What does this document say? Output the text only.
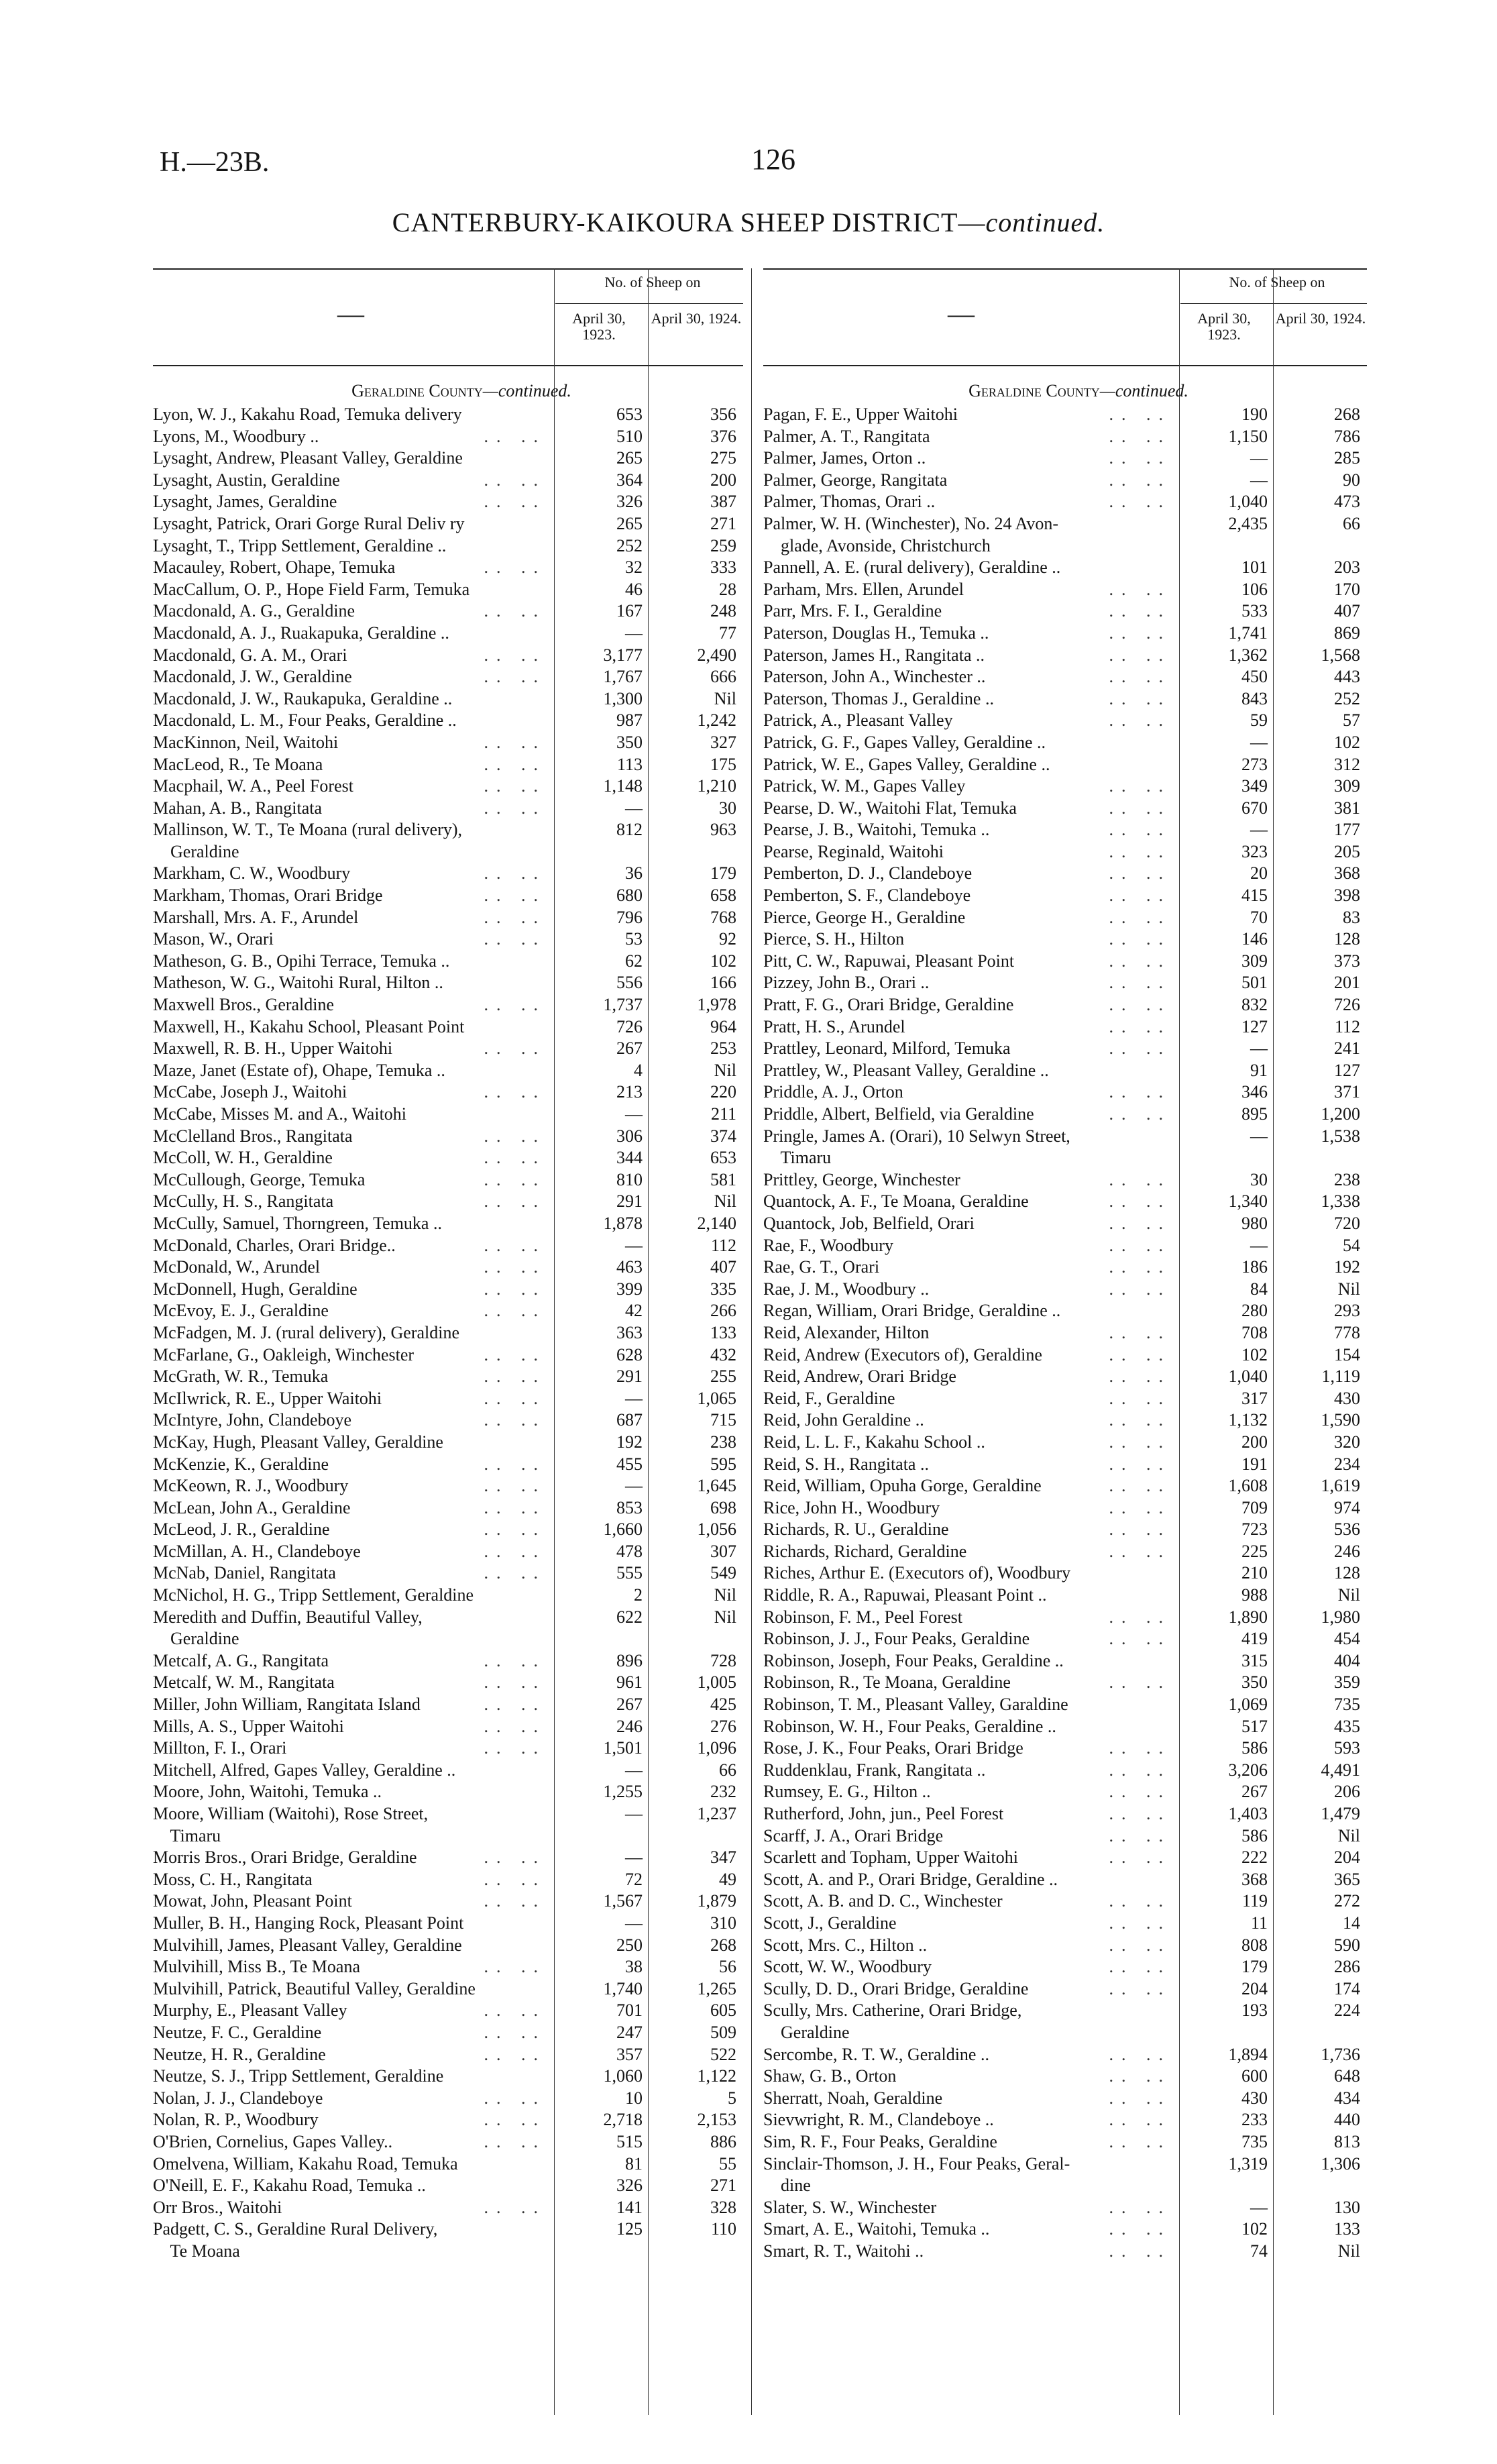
H.—23B.	126
CANTERBURY-KAIKOURA SHEEP DISTRICT—continued.
—
No. of Sheep on
April 30, 1923.
April 30, 1924.
Geraldine County—continued.
Lyon, W. J., Kakahu Road, Temuka delivery	653	356
Lyons, M., Woodbury ..	.. ..	510	376
Lysaght, Andrew, Pleasant Valley, Geraldine	265	275
Lysaght, Austin, Geraldine	.. ..	364	200
Lysaght, James, Geraldine	.. ..	326	387
Lysaght, Patrick, Orari Gorge Rural Deliv ry	265	271
Lysaght, T., Tripp Settlement, Geraldine ..	252	259
Macauley, Robert, Ohape, Temuka	.. ..	32	333
MacCallum, O. P., Hope Field Farm, Temuka	46	28
Macdonald, A. G., Geraldine	.. ..	167	248
Macdonald, A. J., Ruakapuka, Geraldine ..	—	77
Macdonald, G. A. M., Orari	.. ..	3,177	2,490
Macdonald, J. W., Geraldine	.. ..	1,767	666
Macdonald, J. W., Raukapuka, Geraldine ..	1,300	Nil
Macdonald, L. M., Four Peaks, Geraldine ..	987	1,242
MacKinnon, Neil, Waitohi	.. ..	350	327
MacLeod, R., Te Moana	.. ..	113	175
Macphail, W. A., Peel Forest	.. ..	1,148	1,210
Mahan, A. B., Rangitata	.. ..	—	30
Mallinson, W. T., Te Moana (rural delivery),	812	963
Geraldine
Markham, C. W., Woodbury	.. ..	36	179
Markham, Thomas, Orari Bridge	.. ..	680	658
Marshall, Mrs. A. F., Arundel	.. ..	796	768
Mason, W., Orari	.. ..	53	92
Matheson, G. B., Opihi Terrace, Temuka ..	62	102
Matheson, W. G., Waitohi Rural, Hilton ..	556	166
Maxwell Bros., Geraldine	.. ..	1,737	1,978
Maxwell, H., Kakahu School, Pleasant Point	726	964
Maxwell, R. B. H., Upper Waitohi	.. ..	267	253
Maze, Janet (Estate of), Ohape, Temuka ..	4	Nil
McCabe, Joseph J., Waitohi	.. ..	213	220
McCabe, Misses M. and A., Waitohi	—	211
McClelland Bros., Rangitata	.. ..	306	374
McColl, W. H., Geraldine	.. ..	344	653
McCullough, George, Temuka	.. ..	810	581
McCully, H. S., Rangitata	.. ..	291	Nil
McCully, Samuel, Thorngreen, Temuka ..	1,878	2,140
McDonald, Charles, Orari Bridge..	.. ..	—	112
McDonald, W., Arundel	.. ..	463	407
McDonnell, Hugh, Geraldine	.. ..	399	335
McEvoy, E. J., Geraldine	.. ..	42	266
McFadgen, M. J. (rural delivery), Geraldine	363	133
McFarlane, G., Oakleigh, Winchester	.. ..	628	432
McGrath, W. R., Temuka	.. ..	291	255
McIlwrick, R. E., Upper Waitohi	.. ..	—	1,065
McIntyre, John, Clandeboye	.. ..	687	715
McKay, Hugh, Pleasant Valley, Geraldine	192	238
McKenzie, K., Geraldine	.. ..	455	595
McKeown, R. J., Woodbury	.. ..	—	1,645
McLean, John A., Geraldine	.. ..	853	698
McLeod, J. R., Geraldine	.. ..	1,660	1,056
McMillan, A. H., Clandeboye	.. ..	478	307
McNab, Daniel, Rangitata	.. ..	555	549
McNichol, H. G., Tripp Settlement, Geraldine	2	Nil
Meredith and Duffin, Beautiful Valley,	622	Nil
Geraldine
Metcalf, A. G., Rangitata	.. ..	896	728
Metcalf, W. M., Rangitata	.. ..	961	1,005
Miller, John William, Rangitata Island	.. ..	267	425
Mills, A. S., Upper Waitohi	.. ..	246	276
Millton, F. I., Orari	.. ..	1,501	1,096
Mitchell, Alfred, Gapes Valley, Geraldine ..	—	66
Moore, John, Waitohi, Temuka ..	1,255	232
Moore, William (Waitohi), Rose Street,	—	1,237
Timaru
Morris Bros., Orari Bridge, Geraldine	.. ..	—	347
Moss, C. H., Rangitata	.. ..	72	49
Mowat, John, Pleasant Point	.. ..	1,567	1,879
Muller, B. H., Hanging Rock, Pleasant Point	—	310
Mulvihill, James, Pleasant Valley, Geraldine	250	268
Mulvihill, Miss B., Te Moana	.. ..	38	56
Mulvihill, Patrick, Beautiful Valley, Geraldine	1,740	1,265
Murphy, E., Pleasant Valley	.. ..	701	605
Neutze, F. C., Geraldine	.. ..	247	509
Neutze, H. R., Geraldine	.. ..	357	522
Neutze, S. J., Tripp Settlement, Geraldine	1,060	1,122
Nolan, J. J., Clandeboye	.. ..	10	5
Nolan, R. P., Woodbury	.. ..	2,718	2,153
O'Brien, Cornelius, Gapes Valley..	.. ..	515	886
Omelvena, William, Kakahu Road, Temuka	81	55
O'Neill, E. F., Kakahu Road, Temuka ..	326	271
Orr Bros., Waitohi	.. ..	141	328
Padgett, C. S., Geraldine Rural Delivery,	125	110
Te Moana
—
No. of Sheep on
April 30, 1923.
April 30, 1924.
Geraldine County—continued.
Pagan, F. E., Upper Waitohi	.. ..	190	268
Palmer, A. T., Rangitata	.. ..	1,150	786
Palmer, James, Orton ..	.. ..	—	285
Palmer, George, Rangitata	.. ..	—	90
Palmer, Thomas, Orari ..	.. ..	1,040	473
Palmer, W. H. (Winchester), No. 24 Avon-	2,435	66
glade, Avonside, Christchurch
Pannell, A. E. (rural delivery), Geraldine ..	101	203
Parham, Mrs. Ellen, Arundel	.. ..	106	170
Parr, Mrs. F. I., Geraldine	.. ..	533	407
Paterson, Douglas H., Temuka ..	.. ..	1,741	869
Paterson, James H., Rangitata ..	.. ..	1,362	1,568
Paterson, John A., Winchester ..	.. ..	450	443
Paterson, Thomas J., Geraldine ..	.. ..	843	252
Patrick, A., Pleasant Valley	.. ..	59	57
Patrick, G. F., Gapes Valley, Geraldine ..	—	102
Patrick, W. E., Gapes Valley, Geraldine ..	273	312
Patrick, W. M., Gapes Valley	.. ..	349	309
Pearse, D. W., Waitohi Flat, Temuka	.. ..	670	381
Pearse, J. B., Waitohi, Temuka ..	.. ..	—	177
Pearse, Reginald, Waitohi	.. ..	323	205
Pemberton, D. J., Clandeboye	.. ..	20	368
Pemberton, S. F., Clandeboye	.. ..	415	398
Pierce, George H., Geraldine	.. ..	70	83
Pierce, S. H., Hilton	.. ..	146	128
Pitt, C. W., Rapuwai, Pleasant Point	.. ..	309	373
Pizzey, John B., Orari ..	.. ..	501	201
Pratt, F. G., Orari Bridge, Geraldine	.. ..	832	726
Pratt, H. S., Arundel	.. ..	127	112
Prattley, Leonard, Milford, Temuka	.. ..	—	241
Prattley, W., Pleasant Valley, Geraldine ..	91	127
Priddle, A. J., Orton	.. ..	346	371
Priddle, Albert, Belfield, via Geraldine	.. ..	895	1,200
Pringle, James A. (Orari), 10 Selwyn Street,	—	1,538
Timaru
Prittley, George, Winchester	.. ..	30	238
Quantock, A. F., Te Moana, Geraldine	.. ..	1,340	1,338
Quantock, Job, Belfield, Orari	.. ..	980	720
Rae, F., Woodbury	.. ..	—	54
Rae, G. T., Orari	.. ..	186	192
Rae, J. M., Woodbury ..	.. ..	84	Nil
Regan, William, Orari Bridge, Geraldine ..	280	293
Reid, Alexander, Hilton	.. ..	708	778
Reid, Andrew (Executors of), Geraldine	.. ..	102	154
Reid, Andrew, Orari Bridge	.. ..	1,040	1,119
Reid, F., Geraldine	.. ..	317	430
Reid, John Geraldine ..	.. ..	1,132	1,590
Reid, L. L. F., Kakahu School ..	.. ..	200	320
Reid, S. H., Rangitata ..	.. ..	191	234
Reid, William, Opuha Gorge, Geraldine	.. ..	1,608	1,619
Rice, John H., Woodbury	.. ..	709	974
Richards, R. U., Geraldine	.. ..	723	536
Richards, Richard, Geraldine	.. ..	225	246
Riches, Arthur E. (Executors of), Woodbury	210	128
Riddle, R. A., Rapuwai, Pleasant Point ..	988	Nil
Robinson, F. M., Peel Forest	.. ..	1,890	1,980
Robinson, J. J., Four Peaks, Geraldine	.. ..	419	454
Robinson, Joseph, Four Peaks, Geraldine ..	315	404
Robinson, R., Te Moana, Geraldine	.. ..	350	359
Robinson, T. M., Pleasant Valley, Garaldine	1,069	735
Robinson, W. H., Four Peaks, Geraldine ..	517	435
Rose, J. K., Four Peaks, Orari Bridge	.. ..	586	593
Ruddenklau, Frank, Rangitata ..	.. ..	3,206	4,491
Rumsey, E. G., Hilton ..	.. ..	267	206
Rutherford, John, jun., Peel Forest	.. ..	1,403	1,479
Scarff, J. A., Orari Bridge	.. ..	586	Nil
Scarlett and Topham, Upper Waitohi	.. ..	222	204
Scott, A. and P., Orari Bridge, Geraldine ..	368	365
Scott, A. B. and D. C., Winchester	.. ..	119	272
Scott, J., Geraldine	.. ..	11	14
Scott, Mrs. C., Hilton ..	.. ..	808	590
Scott, W. W., Woodbury	.. ..	179	286
Scully, D. D., Orari Bridge, Geraldine	.. ..	204	174
Scully, Mrs. Catherine, Orari Bridge,	193	224
Geraldine
Sercombe, R. T. W., Geraldine ..	.. ..	1,894	1,736
Shaw, G. B., Orton	.. ..	600	648
Sherratt, Noah, Geraldine	.. ..	430	434
Sievwright, R. M., Clandeboye ..	.. ..	233	440
Sim, R. F., Four Peaks, Geraldine	.. ..	735	813
Sinclair-Thomson, J. H., Four Peaks, Geral-	1,319	1,306
dine
Slater, S. W., Winchester	.. ..	—	130
Smart, A. E., Waitohi, Temuka ..	.. ..	102	133
Smart, R. T., Waitohi ..	.. ..	74	Nil
